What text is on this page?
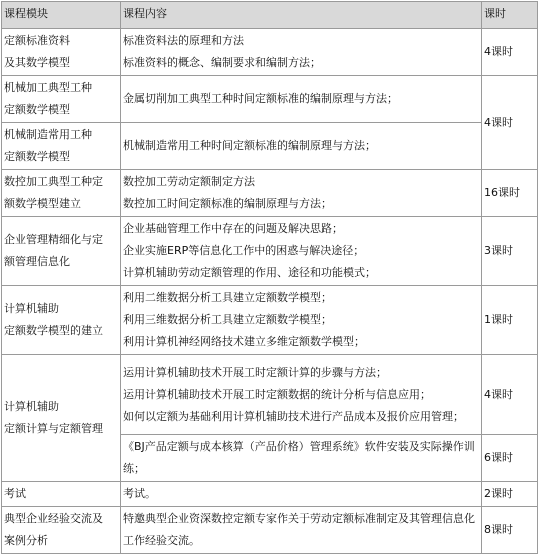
课程模块	课程内容	课时

定额标准资料
及其数学模型	标准资料法的原理和方法
标准资料的概念、编制要求和编制方法；	4课时

机械加工典型工种
定额数学模型	金属切削加工典型工种时间定额标准的编制原理与方法；	4课时

机械制造常用工种
定额数学模型	机械制造常用工种时间定额标准的编制原理与方法；	

数控加工典型工种定
额数学模型建立	数控加工劳动定额制定方法
数控加工时间定额标准的编制原理与方法；	16课时

企业管理精细化与定
额管理信息化	企业基础管理工作中存在的问题及解决思路；
企业实施ERP等信息化工作中的困惑与解决途径；
计算机辅助劳动定额管理的作用、途径和功能模式；	3课时

计算机辅助
定额数学模型的建立	利用二维数据分析工具建立定额数学模型；
利用三维数据分析工具建立定额数学模型；
利用计算机神经网络技术建立多维定额数学模型；	1课时

计算机辅助
定额计算与定额管理	运用计算机辅助技术开展工时定额计算的步骤与方法；
运用计算机辅助技术开展工时定额数据的统计分析与信息应用；
如何以定额为基础利用计算机辅助技术进行产品成本及报价应用管理；	4课时

	《BJ产品定额与成本核算（产品价格）管理系统》软件安装及实际操作训练；	6课时

考试	考试。	2课时

典型企业经验交流及
案例分析	特邀典型企业资深数控定额专家作关于劳动定额标准制定及其管理信息化工作经验交流。	8课时
